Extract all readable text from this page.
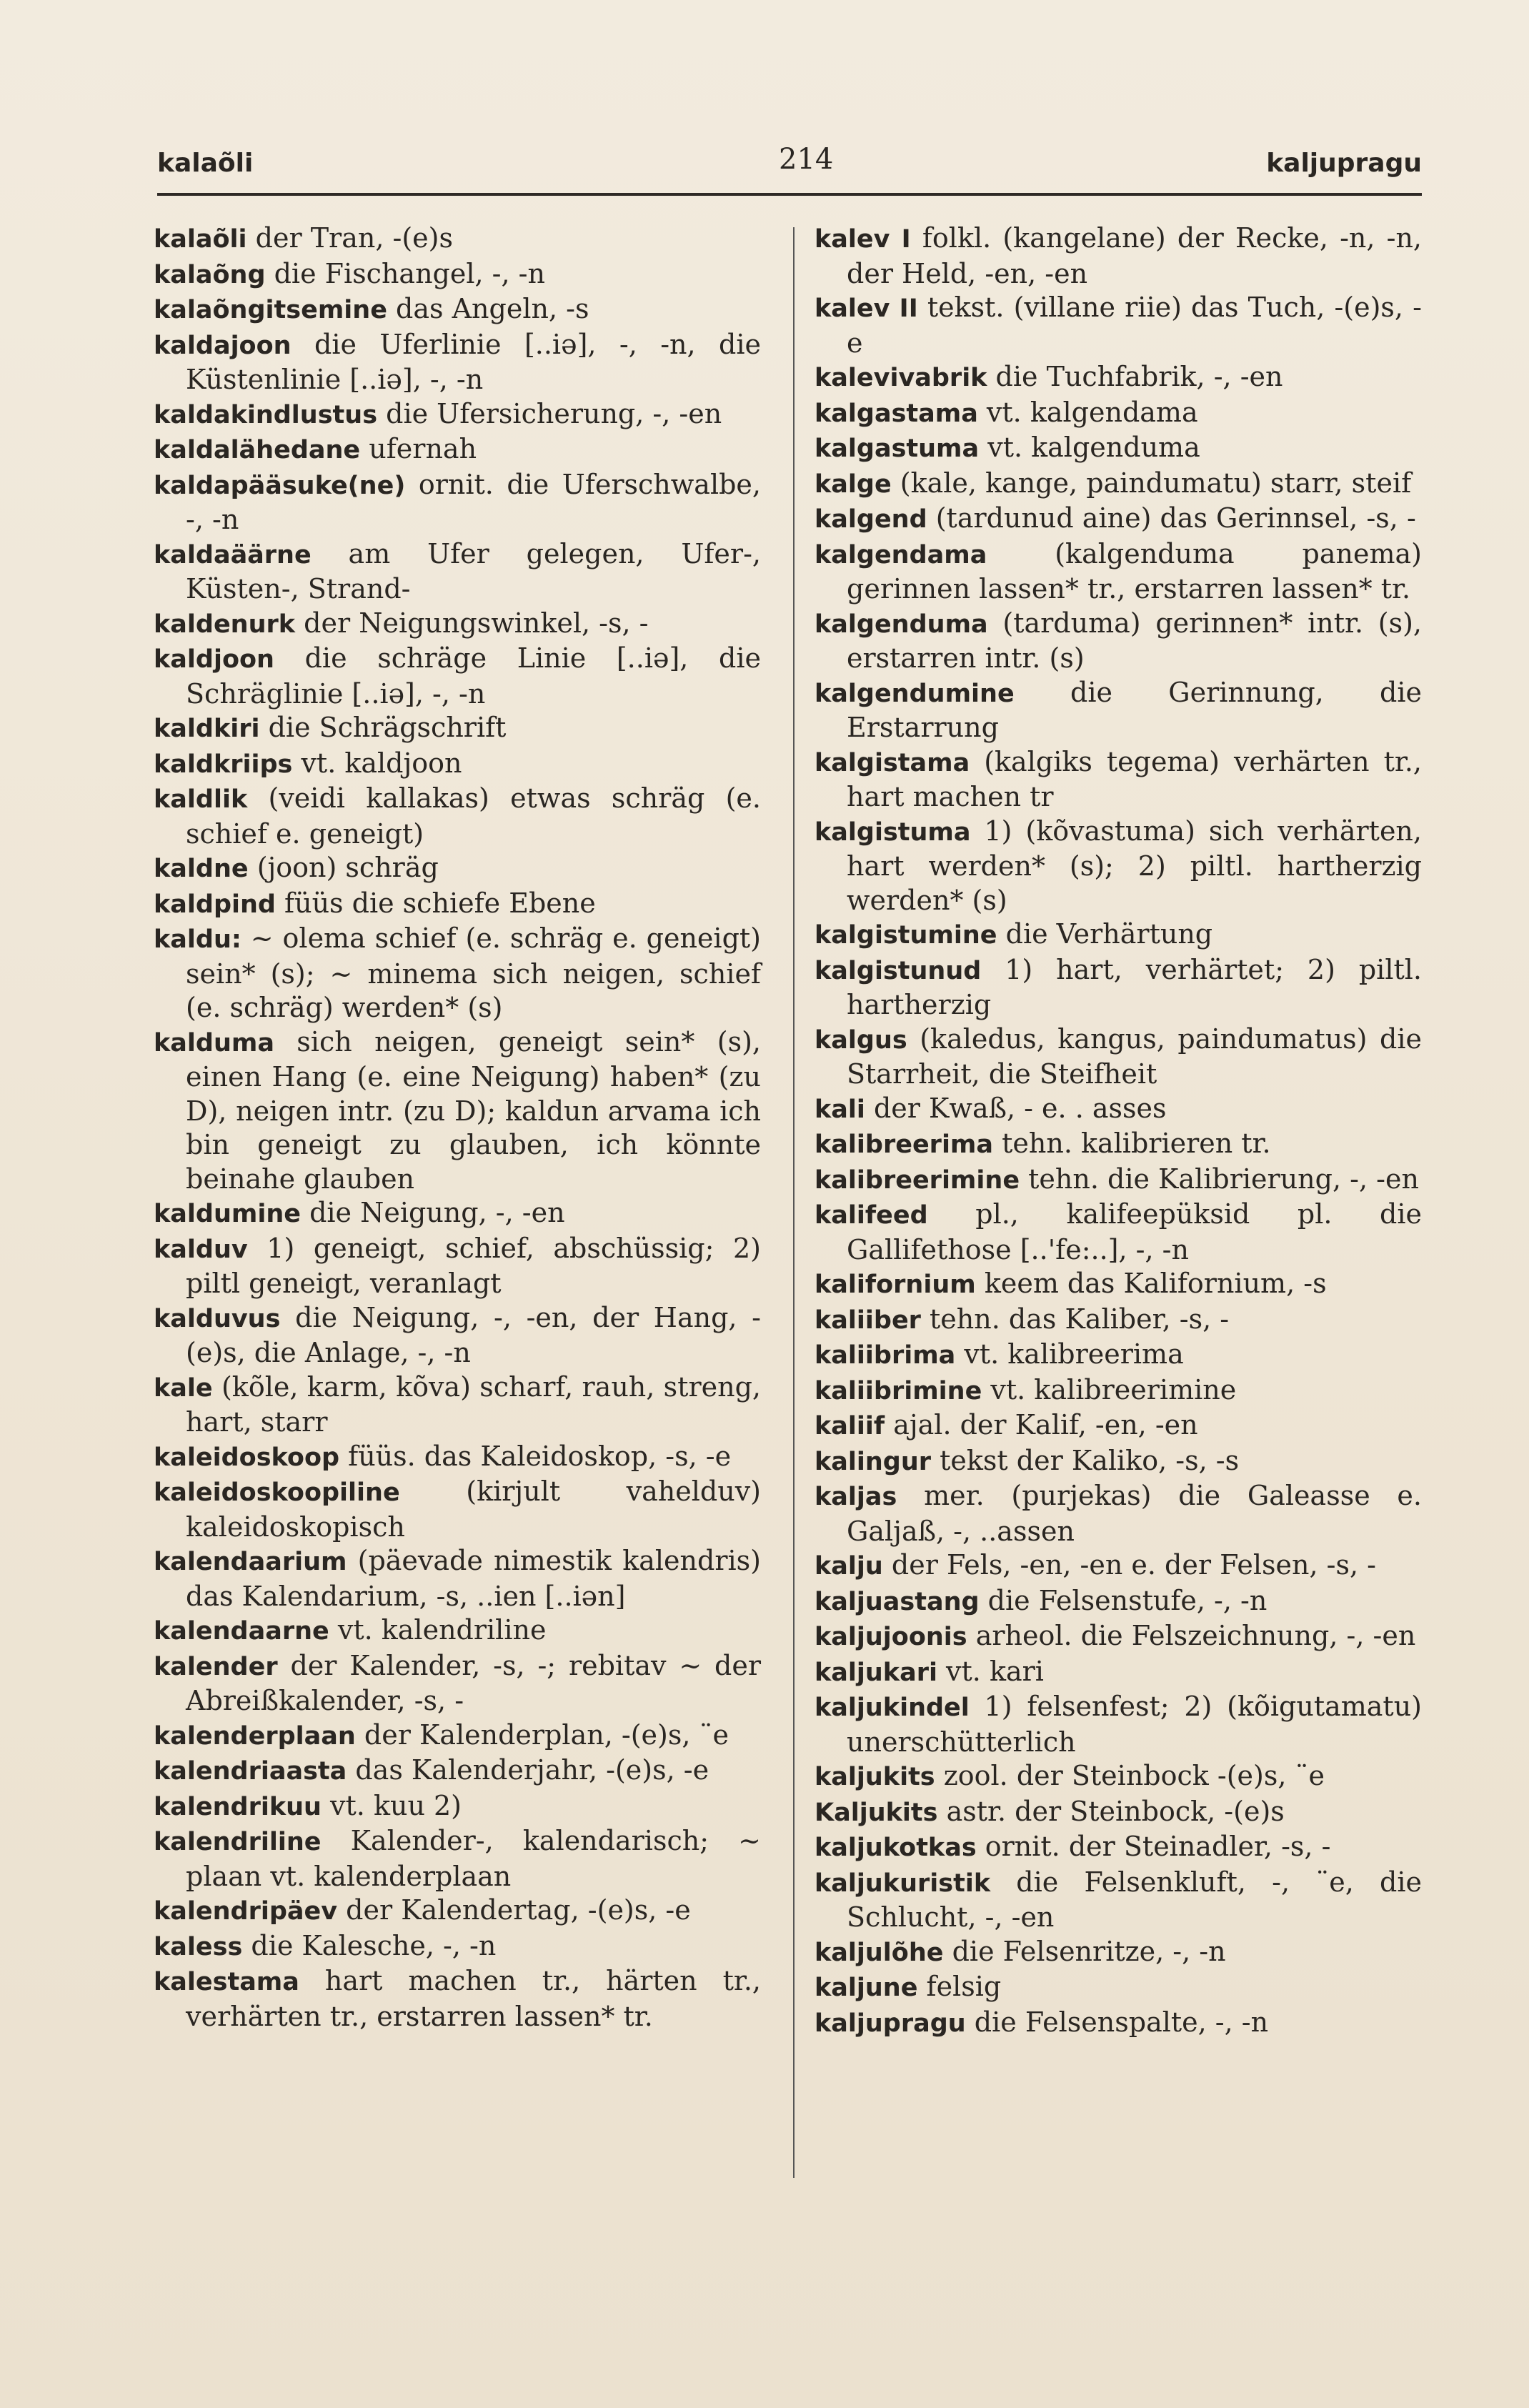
kalaõli	214	kaljupragu
kalaõli der Tran, -(e)s
kalaõng die Fischangel, -, -n
kalaõngitsemine das Angeln, -s
kaldajoon die Uferlinie [..iə], -, -n, die Küstenlinie [..iə], -, -n
kaldakindlustus die Ufersicherung, -, -en
kaldalähedane ufernah
kaldapääsuke(ne) ornit. die Uferschwalbe, -, -n
kaldaäärne am Ufer gelegen, Ufer-, Küsten-, Strand-
kaldenurk der Neigungswinkel, -s, -
kaldjoon die schräge Linie [..iə], die Schräglinie [..iə], -, -n
kaldkiri die Schrägschrift
kaldkriips vt. kaldjoon
kaldlik (veidi kallakas) etwas schräg (e. schief e. geneigt)
kaldne (joon) schräg
kaldpind füüs die schiefe Ebene
kaldu: ~ olema schief (e. schräg e. geneigt) sein* (s); ~ minema sich neigen, schief (e. schräg) werden* (s)
kalduma sich neigen, geneigt sein* (s), einen Hang (e. eine Neigung) haben* (zu D), neigen intr. (zu D); kaldun arvama ich bin geneigt zu glauben, ich könnte beinahe glauben
kaldumine die Neigung, -, -en
kalduv 1) geneigt, schief, abschüssig; 2) piltl geneigt, veranlagt
kalduvus die Neigung, -, -en, der Hang, -(e)s, die Anlage, -, -n
kale (kõle, karm, kõva) scharf, rauh, streng, hart, starr
kaleidoskoop füüs. das Kaleidoskop, -s, -e
kaleidoskoopiline (kirjult vahelduv) kaleidoskopisch
kalendaarium (päevade nimestik kalendris) das Kalendarium, -s, ..ien [..iən]
kalendaarne vt. kalendriline
kalender der Kalender, -s, -; rebitav ~ der Abreißkalender, -s, -
kalenderplaan der Kalenderplan, -(e)s, ¨e
kalendriaasta das Kalenderjahr, -(e)s, -e
kalendrikuu vt. kuu 2)
kalendriline Kalender-, kalendarisch; ~ plaan vt. kalenderplaan
kalendripäev der Kalendertag, -(e)s, -e
kaless die Kalesche, -, -n
kalestama hart machen tr., härten tr., verhärten tr., erstarren lassen* tr.
kalev I folkl. (kangelane) der Recke, -n, -n, der Held, -en, -en
kalev II tekst. (villane riie) das Tuch, -(e)s, -e
kalevivabrik die Tuchfabrik, -, -en
kalgastama vt. kalgendama
kalgastuma vt. kalgenduma
kalge (kale, kange, paindumatu) starr, steif
kalgend (tardunud aine) das Gerinnsel, -s, -
kalgendama (kalgenduma panema) gerinnen lassen* tr., erstarren lassen* tr.
kalgenduma (tarduma) gerinnen* intr. (s), erstarren intr. (s)
kalgendumine die Gerinnung, die Erstarrung
kalgistama (kalgiks tegema) verhärten tr., hart machen tr
kalgistuma 1) (kõvastuma) sich verhärten, hart werden* (s); 2) piltl. hartherzig werden* (s)
kalgistumine die Verhärtung
kalgistunud 1) hart, verhärtet; 2) piltl. hartherzig
kalgus (kaledus, kangus, paindumatus) die Starrheit, die Steifheit
kali der Kwaß, - e. . asses
kalibreerima tehn. kalibrieren tr.
kalibreerimine tehn. die Kalibrierung, -, -en
kalifeed pl., kalifeepüksid pl. die Gallifethose [..'fe:..], -, -n
kalifornium keem das Kalifornium, -s
kaliiber tehn. das Kaliber, -s, -
kaliibrima vt. kalibreerima
kaliibrimine vt. kalibreerimine
kaliif ajal. der Kalif, -en, -en
kalingur tekst der Kaliko, -s, -s
kaljas mer. (purjekas) die Galeasse e. Galjaß, -, ..assen
kalju der Fels, -en, -en e. der Felsen, -s, -
kaljuastang die Felsenstufe, -, -n
kaljujoonis arheol. die Felszeichnung, -, -en
kaljukari vt. kari
kaljukindel 1) felsenfest; 2) (kõigutamatu) unerschütterlich
kaljukits zool. der Steinbock -(e)s, ¨e
Kaljukits astr. der Steinbock, -(e)s
kaljukotkas ornit. der Steinadler, -s, -
kaljukuristik die Felsenkluft, -, ¨e, die Schlucht, -, -en
kaljulõhe die Felsenritze, -, -n
kaljune felsig
kaljupragu die Felsenspalte, -, -n
